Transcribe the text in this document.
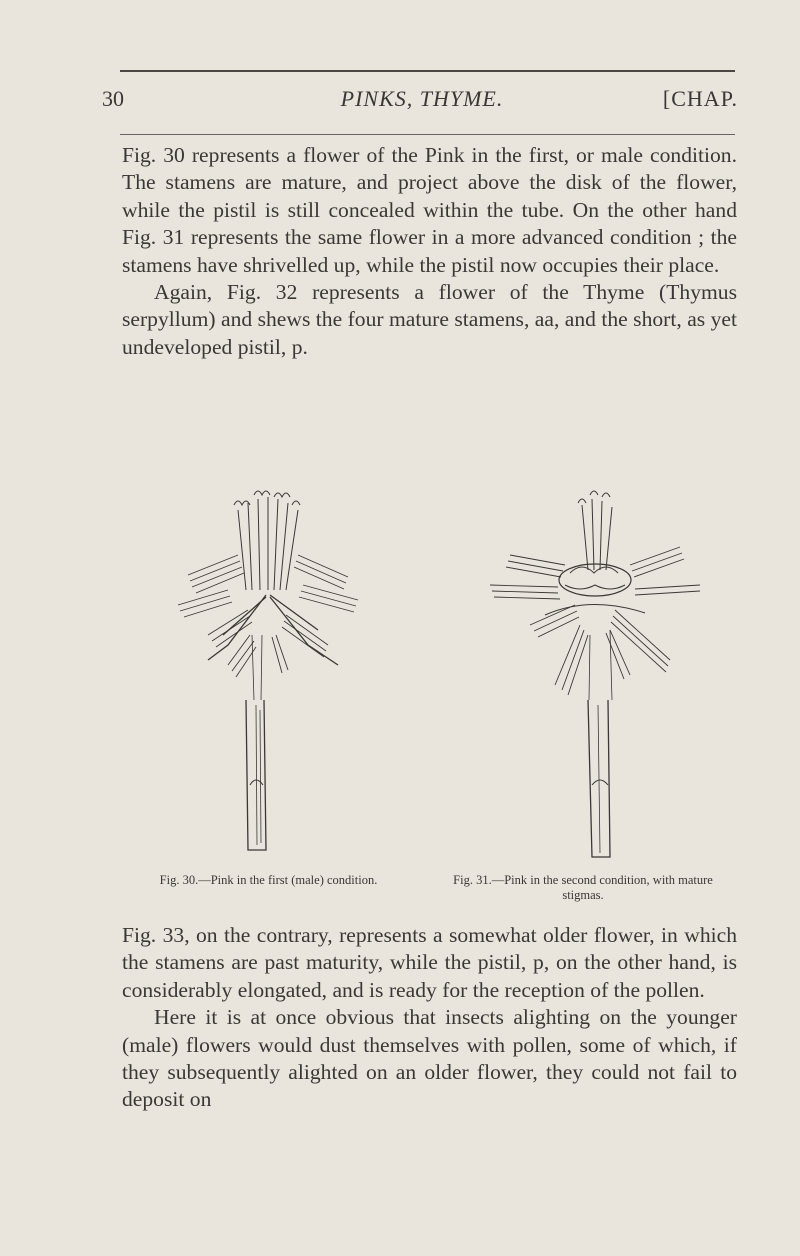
30	PINKS, THYME.	[CHAP.

Fig. 30 represents a flower of the Pink in the first, or male condition. The stamens are mature, and project above the disk of the flower, while the pistil is still concealed within the tube. On the other hand Fig. 31 represents the same flower in a more advanced condition ; the stamens have shrivelled up, while the pistil now occupies their place.

Again, Fig. 32 represents a flower of the Thyme (Thymus serpyllum) and shews the four mature stamens, aa, and the short, as yet undeveloped pistil, p.

Fig. 30.—Pink in the first (male) condition.	Fig. 31.—Pink in the second condition, with mature stigmas.

Fig. 33, on the contrary, represents a somewhat older flower, in which the stamens are past maturity, while the pistil, p, on the other hand, is considerably elongated, and is ready for the reception of the pollen.

Here it is at once obvious that insects alighting on the younger (male) flowers would dust themselves with pollen, some of which, if they subsequently alighted on an older flower, they could not fail to deposit on
